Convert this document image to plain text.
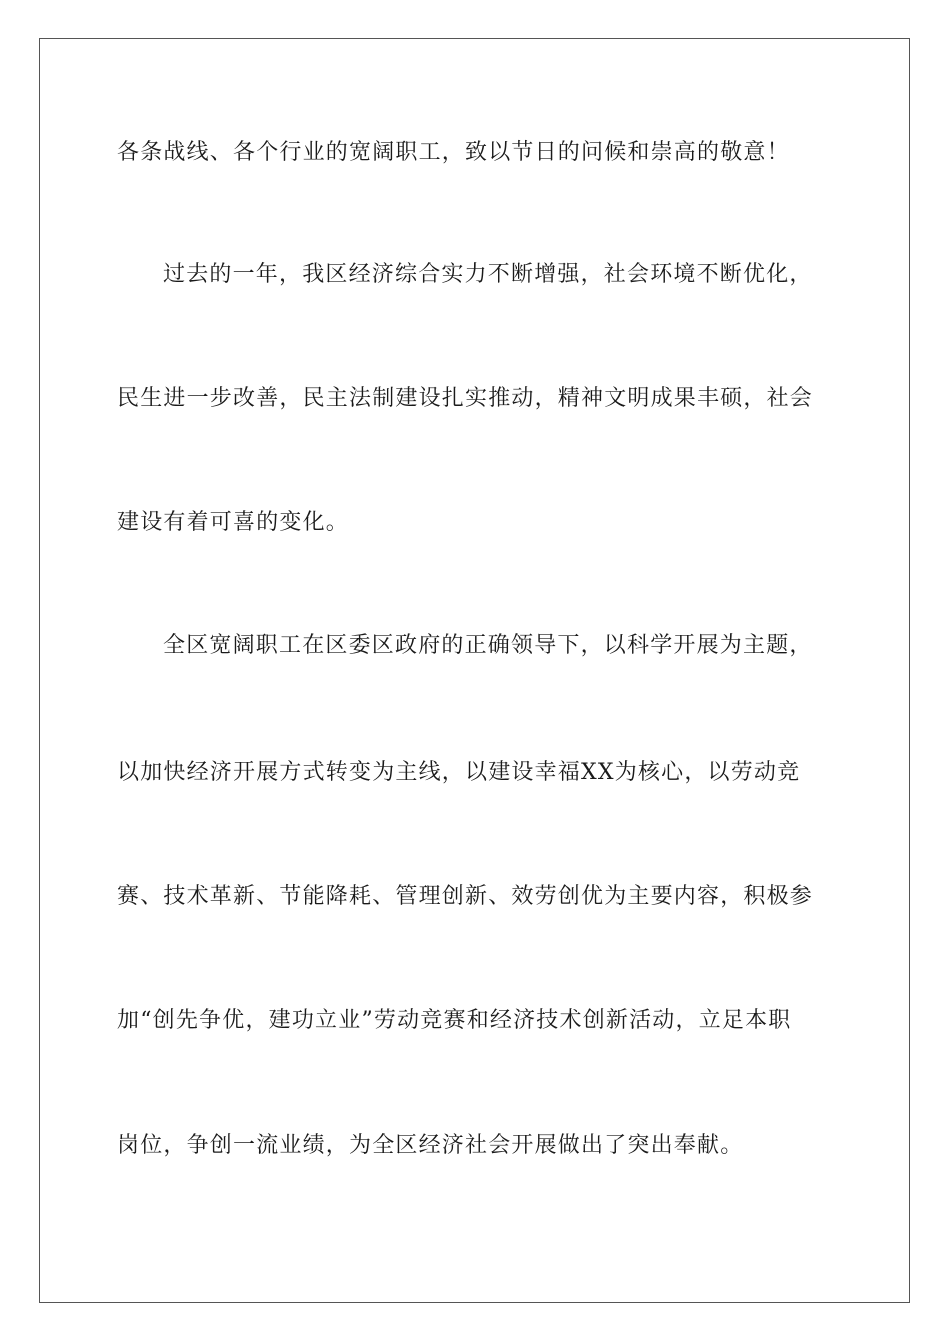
各条战线、各个行业的宽阔职工，致以节日的问候和崇高的敬意！
过去的一年，我区经济综合实力不断增强，社会环境不断优化，
民生进一步改善，民主法制建设扎实推动，精神文明成果丰硕，社会
建设有着可喜的变化。
全区宽阔职工在区委区政府的正确领导下，以科学开展为主题，
以加快经济开展方式转变为主线，以建设幸福XX为核心，以劳动竞
赛、技术革新、节能降耗、管理创新、效劳创优为主要内容，积极参
加“创先争优，建功立业”劳动竞赛和经济技术创新活动，立足本职
岗位，争创一流业绩，为全区经济社会开展做出了突出奉献。
